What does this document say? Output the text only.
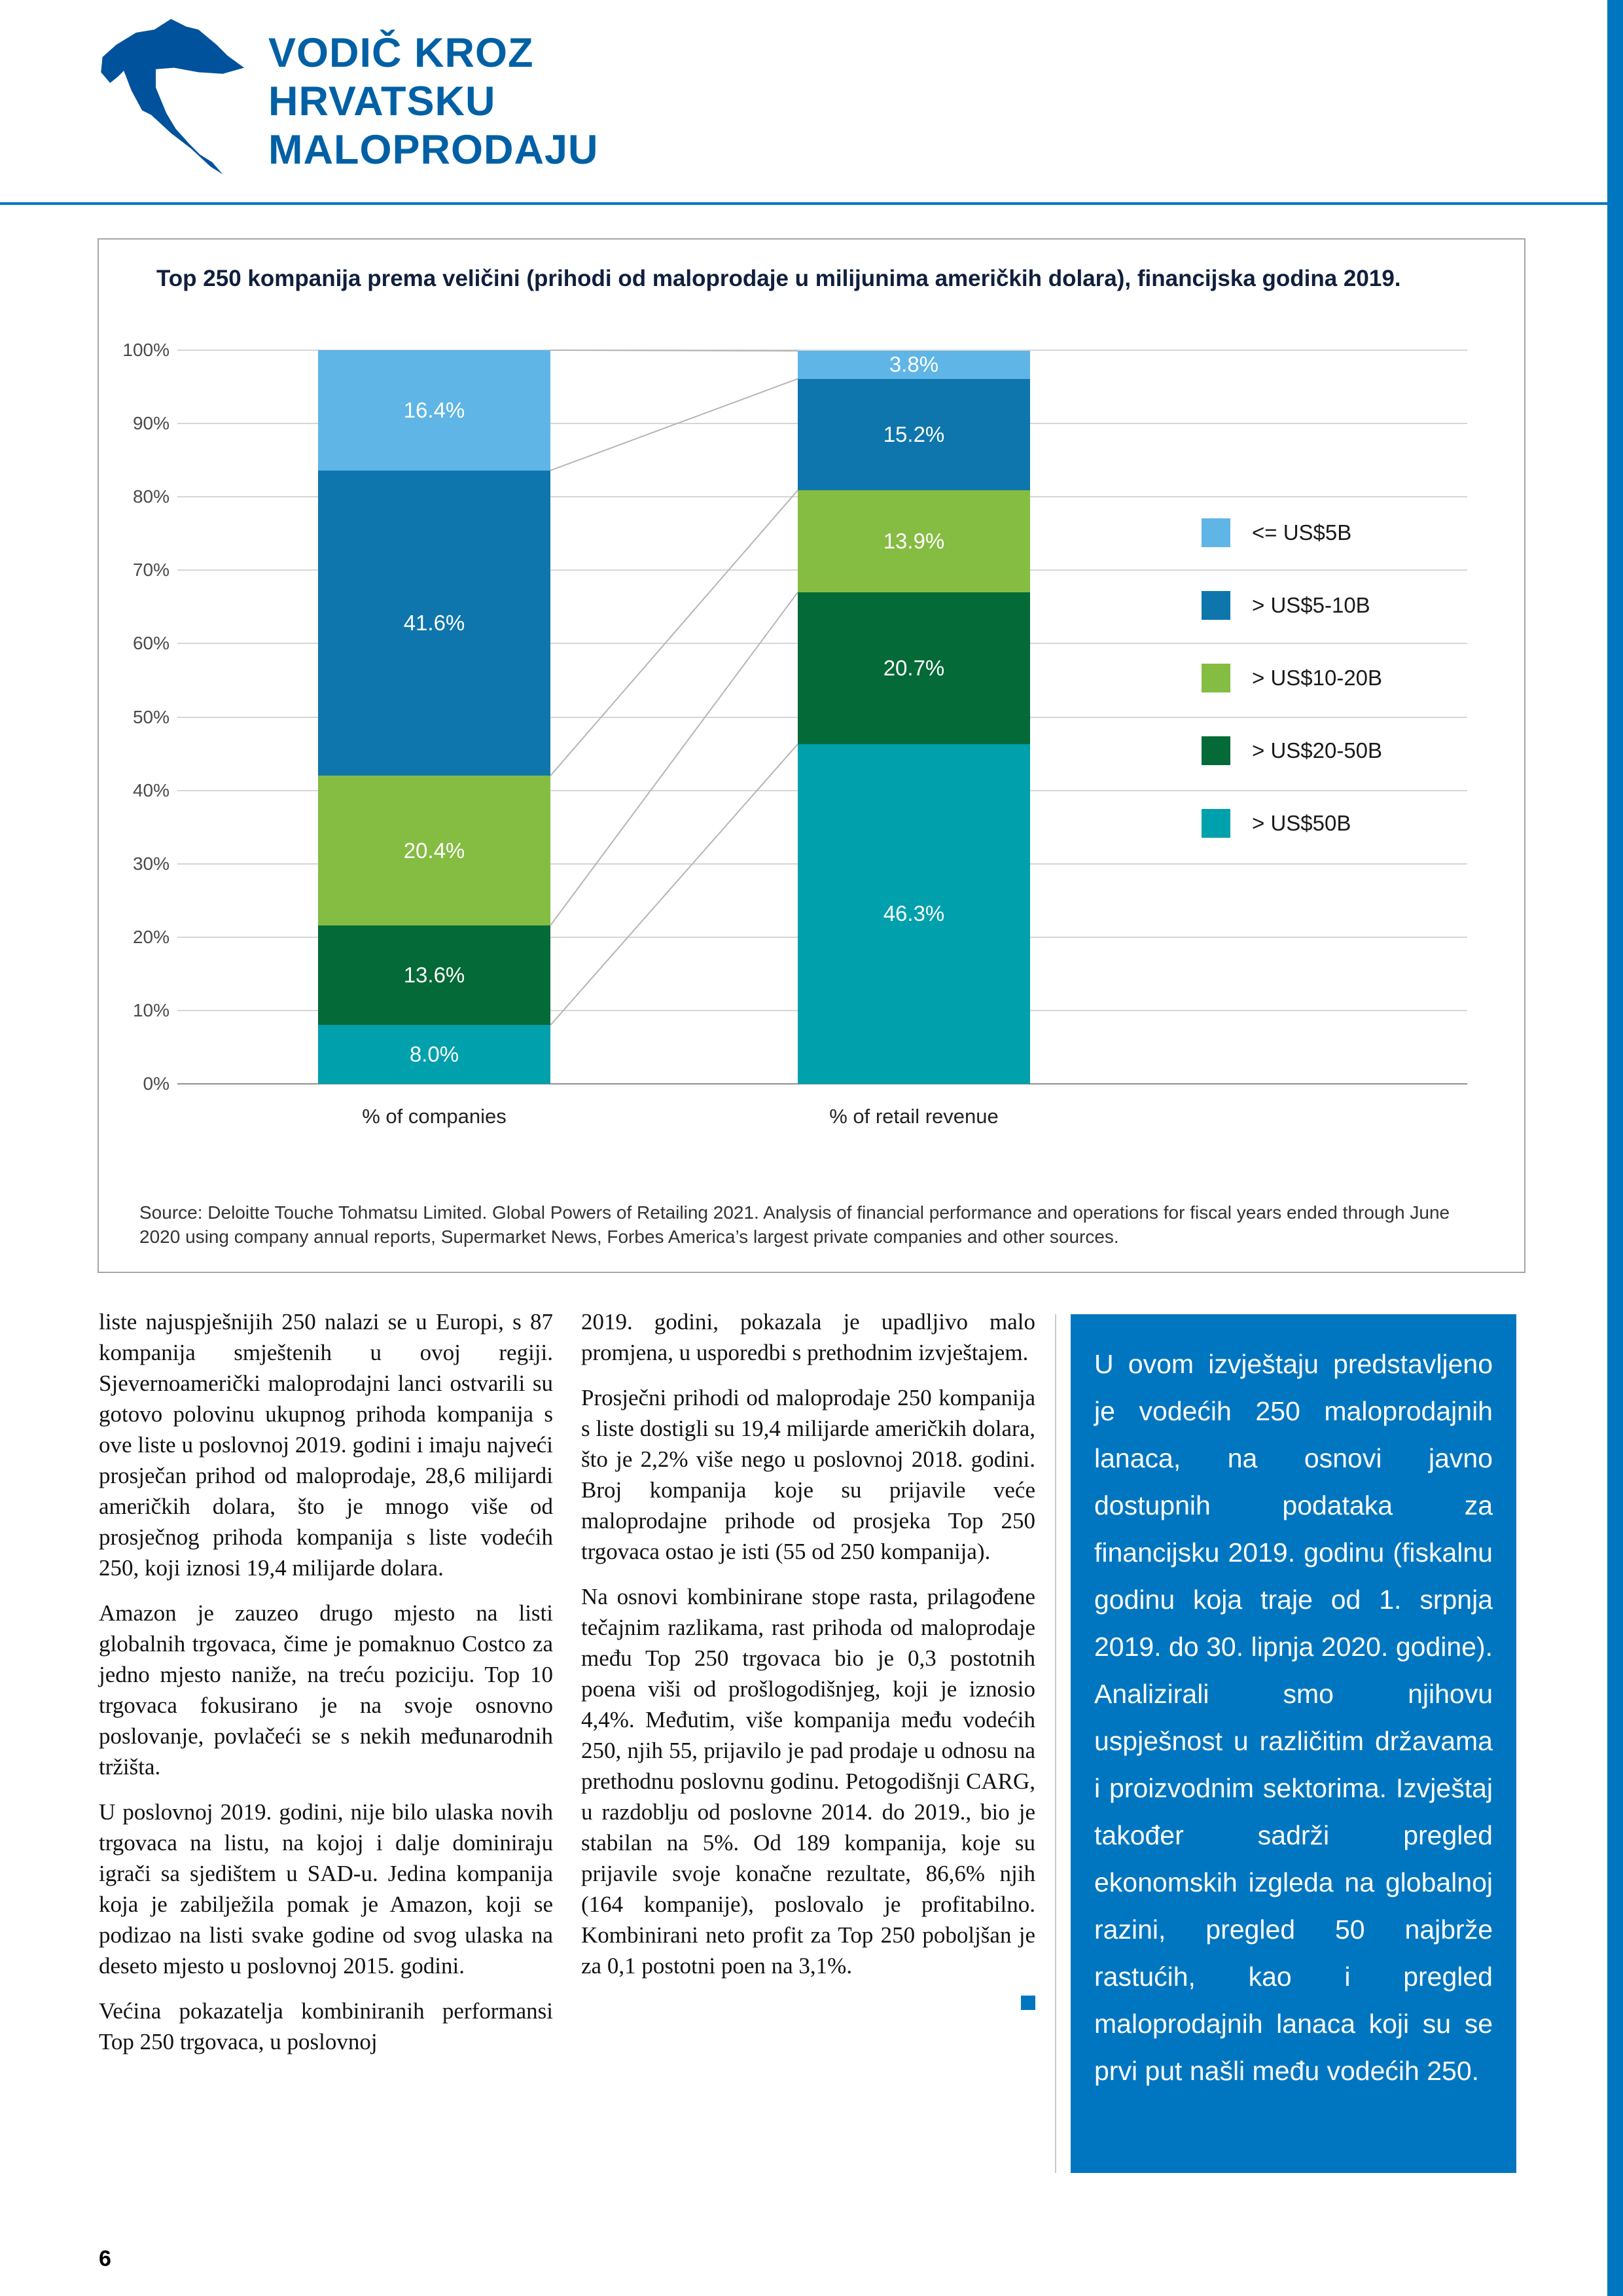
VODIČ KROZ
HRVATSKU
MALOPRODAJU
Top 250 kompanija prema veličini (prihodi od maloprodaje u milijunima američkih dolara), financijska godina 2019.
0%
10%
20%
30%
40%
50%
60%
70%
80%
90%
100%
8.0%
13.6%
20.4%
41.6%
16.4%
% of companies
46.3%
20.7%
13.9%
15.2%
3.8%
% of retail revenue
<= US$5B
> US$5-10B
> US$10-20B
> US$20-50B
> US$50B
Source: Deloitte Touche Tohmatsu Limited. Global Powers of Retailing 2021. Analysis of financial performance and operations for fiscal years ended through June 2020 using company annual reports, Supermarket News, Forbes America’s largest private companies and other sources.

liste najuspješnijih 250 nalazi se u Europi, s 87 kompanija smještenih u ovoj regiji. Sjevernoamerički maloprodajni lanci ostvarili su gotovo polovinu ukupnog prihoda kompanija s ove liste u poslovnoj 2019. godini i imaju najveći prosječan prihod od maloprodaje, 28,6 milijardi američkih dolara, što je mnogo više od prosječnog prihoda kompanija s liste vodećih 250, koji iznosi 19,4 milijarde dolara.

Amazon je zauzeo drugo mjesto na listi globalnih trgovaca, čime je pomaknuo Costco za jedno mjesto naniže, na treću poziciju. Top 10 trgovaca fokusirano je na svoje osnovno poslovanje, povlačeći se s nekih međunarodnih tržišta.

U poslovnoj 2019. godini, nije bilo ulaska novih trgovaca na listu, na kojoj i dalje dominiraju igrači sa sjedištem u SAD-u. Jedina kompanija koja je zabilježila pomak je Amazon, koji se podizao na listi svake godine od svog ulaska na deseto mjesto u poslovnoj 2015. godini.

Većina pokazatelja kombiniranih performansi Top 250 trgovaca, u poslovnoj

2019. godini, pokazala je upadljivo malo promjena, u usporedbi s prethodnim izvještajem.

Prosječni prihodi od maloprodaje 250 kompanija s liste dostigli su 19,4 milijarde američkih dolara, što je 2,2% više nego u poslovnoj 2018. godini. Broj kompanija koje su prijavile veće maloprodajne prihode od prosjeka Top 250 trgovaca ostao je isti (55 od 250 kompanija).

Na osnovi kombinirane stope rasta, prilagođene tečajnim razlikama, rast prihoda od maloprodaje među Top 250 trgovaca bio je 0,3 postotnih poena viši od prošlogodišnjeg, koji je iznosio 4,4%. Međutim, više kompanija među vodećih 250, njih 55, prijavilo je pad prodaje u odnosu na prethodnu poslovnu godinu. Petogodišnji CARG, u razdoblju od poslovne 2014. do 2019., bio je stabilan na 5%. Od 189 kompanija, koje su prijavile svoje konačne rezultate, 86,6% njih (164 kompanije), poslovalo je profitabilno. Kombinirani neto profit za Top 250 poboljšan je za 0,1 postotni poen na 3,1%.

U ovom izvještaju predstavljeno je vodećih 250 maloprodajnih lanaca, na osnovi javno dostupnih podataka za financijsku 2019. godinu (fiskalnu godinu koja traje od 1. srpnja 2019. do 30. lipnja 2020. godine). Analizirali smo njihovu uspješnost u različitim državama i proizvodnim sektorima. Izvještaj također sadrži pregled ekonomskih izgleda na globalnoj razini, pregled 50 najbrže rastućih, kao i pregled maloprodajnih lanaca koji su se prvi put našli među vodećih 250.

6
